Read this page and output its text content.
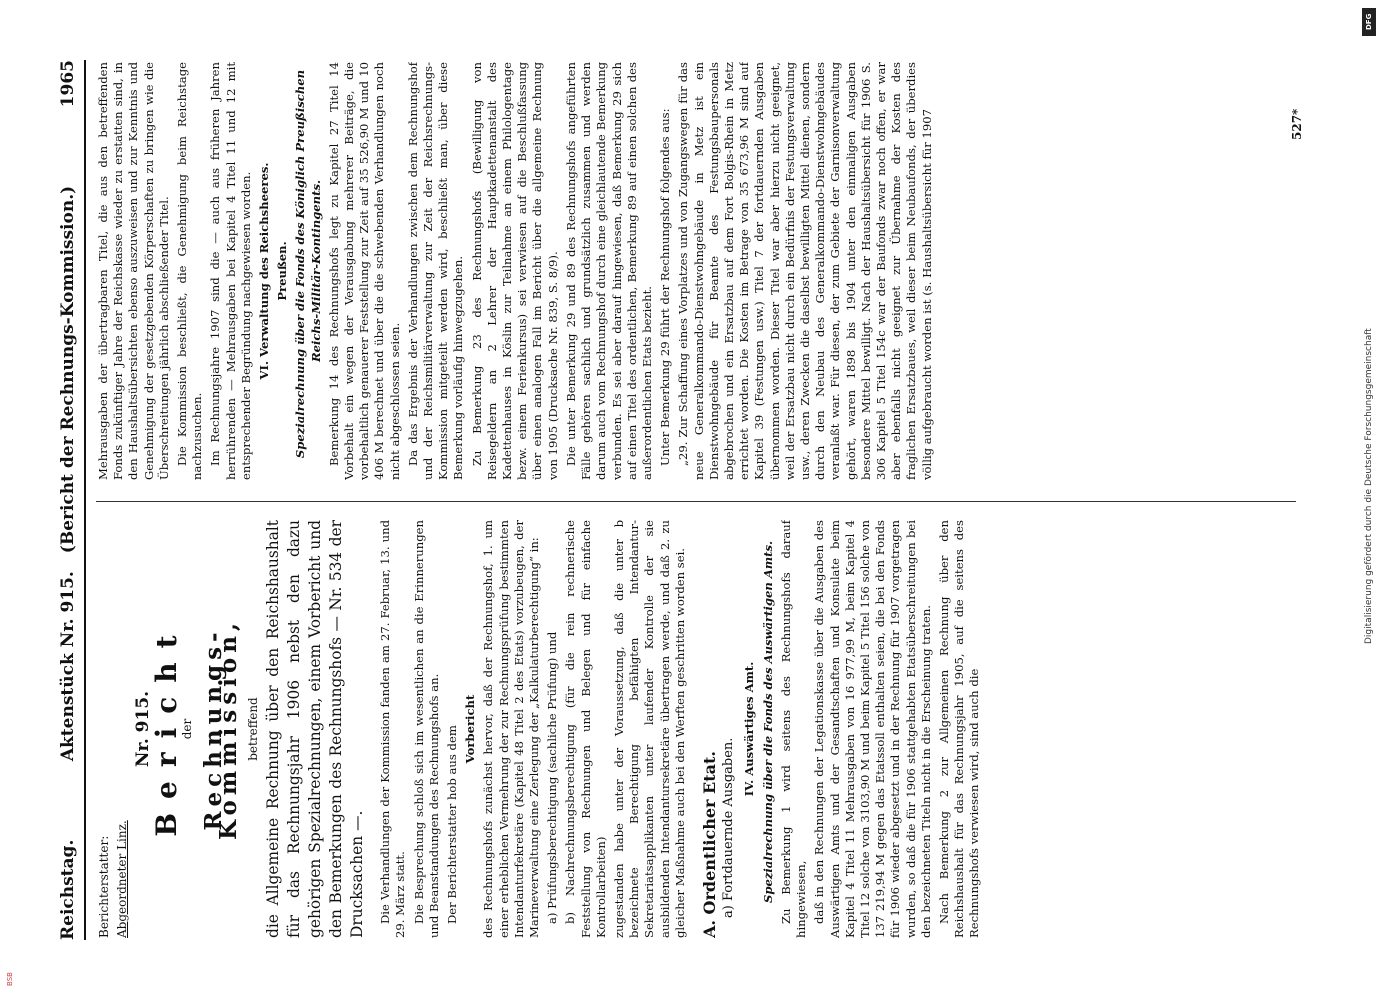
Reichstag.
Aktenstück Nr. 915. (Bericht der Rechnungs-Kommission.)
1965
Berichterstatter: Abgeordneter Linz.
Nr. 915.
Bericht
der Rechnungs-Kommission, betreffend die Allgemeine Rechnung über den Reichshaushalt für das Rechnungsjahr 1906 nebst den dazu gehörigen Spezialrechnungen, einem Vorbericht und den Bemerkungen des Rechnungshofs — Nr. 534 der Drucksachen —. Die Verhandlungen der Kommission fanden am 27. Februar, 13. und 29. März statt. Die Besprechung schloß sich im wesentlichen an die Erinnerungen und Beanstandungen des Rechnungshofs an. Der Berichterstatter hob aus dem Vorbericht des Rechnungshofs zunächst hervor, daß der Rechnungshof, 1. um einer erheblichen Vermehrung der zur Rechnungsprüfung bestimmten Intendanturfekretäre (Kapitel 48 Titel 2 des Etats) vorzubeugen, der Marineverwaltung eine Zerlegung der „Kalkulaturberechtigung“ in: a) Prüfungsberechtigung (sachliche Prüfung) und b) Nachrechnungsberechtigung (für die rein rechnerische Feststellung von Rechnungen und Belegen und für einfache Kontrollarbeiten) zugestanden habe unter der Voraussetzung, daß die unter b bezeichnete Berechtigung befähigten Intendantur-Sekretariatsapplikanten unter laufender Kontrolle der sie ausbildenden Intendantursekretäre übertragen werde, und daß 2. zu gleicher Maßnahme auch bei den Werften geschritten worden sei. A. Ordentlicher Etat. a) Fortdauernde Ausgaben.

IV. Auswärtiges Amt. Spezialrechnung über die Fonds des Auswärtigen Amts. Zu Bemerkung 1 wird seitens des Rechnungshofs darauf hingewiesen, daß in den Rechnungen der Legationskasse über die Ausgaben des Auswärtigen Amts und der Gesandtschaften und Konsulate beim Kapitel 4 Titel 11 Mehrausgaben von 16 977,99 M, beim Kapitel 4 Titel 12 solche von 3103,90 M und beim Kapitel 5 Titel 156 solche von 137 219,94 M gegen das Etatssoll enthalten seien, die bei den Fonds für 1906 wieder abgesetzt und in der Rechnung für 1907 vorgetragen wurden, so daß die für 1906 stattgehabten Etatsüberschreitungen bei den bezeichneten Titeln nicht in die Erscheinung traten. Nach Bemerkung 2 zur Allgemeinen Rechnung über den Reichshaushalt für das Rechnungsjahr 1905, auf die seitens des Rechnungshofs verwiesen wird, sind auch die

Mehrausgaben der übertragbaren Titel, die aus den betreffenden Fonds zukünftiger Jahre der Reichskasse wieder zu erstatten sind, in den Haushaltsübersichten ebenso auszuweisen und zur Kenntnis und Genehmigung der gesetzgebenden Körperschaften zu bringen wie die Überschreitungen jährlich abschließender Titel. Die Kommission beschließt, die Genehmigung beim Reichstage nachzusuchen. Im Rechnungsjahre 1907 sind die — auch aus früheren Jahren herrührenden — Mehrausgaben bei Kapitel 4 Titel 11 und 12 mit entsprechender Begründung nachgewiesen worden. VI. Verwaltung des Reichsheeres. Preußen. Spezialrechnung über die Fonds des Königlich Preußischen Reichs-Militär-Kontingents. Bemerkung 14 des Rechnungshofs legt zu Kapitel 27 Titel 14 Vorbehalt ein wegen der Verausgabung mehrerer Beiträge, die vorbehaltlich genauerer Feststellung zur Zeit auf 35 526,90 M und 10 406 M berechnet und über die die schwebenden Verhandlungen noch nicht abgeschlossen seien. Da das Ergebnis der Verhandlungen zwischen dem Rechnungshof und der Reichsmilitärverwaltung zur Zeit der Reichsrechnungs-Kommission mitgeteilt werden wird, beschließt man, über diese Bemerkung vorläufig hinwegzugehen. Zu Bemerkung 23 des Rechnungshofs (Bewilligung von Reisegeldern an 2 Lehrer der Hauptkadettenanstalt des Kadettenhauses in Köslin zur Teilnahme an einem Philologentage bezw. einem Ferienkursus) sei verwiesen auf die Beschlußfassung über einen analogen Fall im Bericht über die allgemeine Rechnung von 1905 (Drucksache Nr. 839, S. 8/9). Die unter Bemerkung 29 und 89 des Rechnungshofs angeführten Fälle gehören sachlich und grundsätzlich zusammen und werden darum auch vom Rechnungshof durch eine gleichlautende Bemerkung verbunden. Es sei aber darauf hingewiesen, daß Bemerkung 29 sich auf einen Titel des ordentlichen, Bemerkung 89 auf einen solchen des außerordentlichen Etats bezieht. Unter Bemerkung 29 führt der Rechnungshof folgendes aus: „29. Zur Schaffung eines Vorplatzes und von Zugangswegen für das neue Generalkommando-Dienstwohngebäude in Metz ist ein Dienstwohngebäude für Beamte des Festungsbaupersonals abgebrochen und ein Ersatzbau auf dem Fort Bolgis-Rhein in Metz errichtet worden. Die Kosten im Betrage von 35 673,96 M sind auf Kapitel 39 (Festungen usw.) Titel 7 der fortdauernden Ausgaben übernommen worden. Dieser Titel war aber hierzu nicht geeignet, weil der Ersatzbau nicht durch ein Bedürfnis der Festungsverwaltung usw., deren Zwecken die daselbst bewilligten Mittel dienen, sondern durch den Neubau des Generalkommando-Dienstwohngebäudes veranlaßt war. Für diesen, der zum Gebiete der Garnisonverwaltung gehört, waren 1898 bis 1904 unter den einmaligen Ausgaben besondere Mittel bewilligt. Nach der Haushaltsübersicht für 1906 S. 306 Kapitel 5 Titel 154c war der Baufonds zwar noch offen, er war aber ebenfalls nicht geeignet zur Übernahme der Kosten des fraglichen Ersatzbaues, weil dieser beim Neubaufonds, der überdies völlig aufgebraucht worden ist (s. Haushaltsübersicht für 1907	527*
DFG
Digitalisierung gefördert durch die Deutsche Forschungsgemeinschaft
BSB
